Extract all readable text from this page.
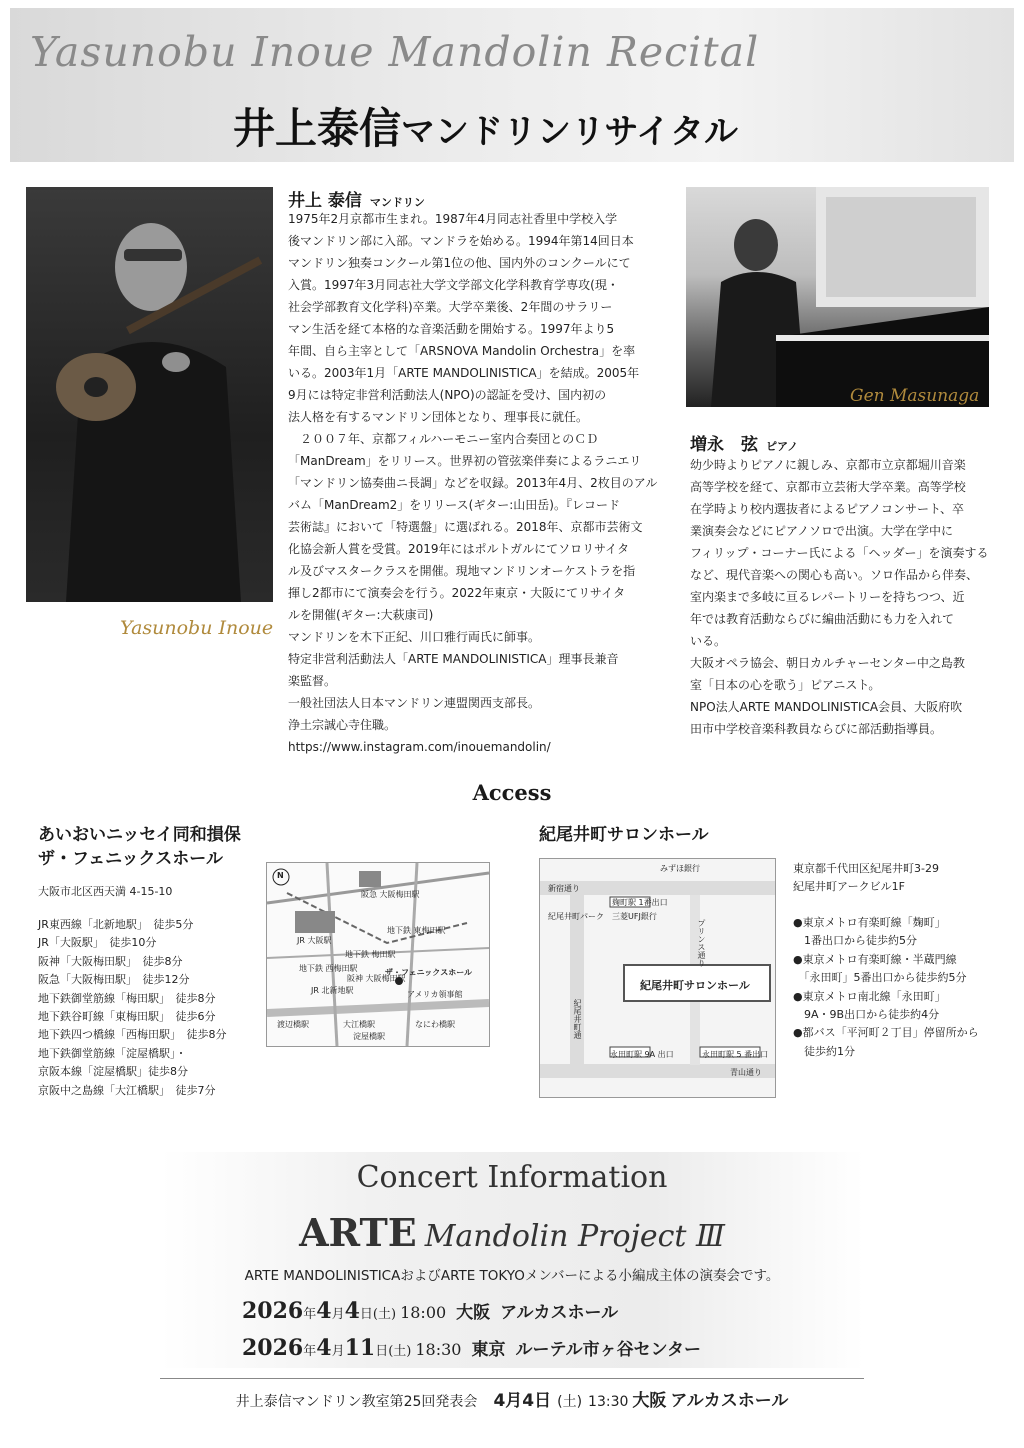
Yasunobu Inoue Mandolin Recital
井上泰信マンドリンリサイタル
Yasunobu Inoue
井上 泰信 マンドリン

1975年2月京都市生まれ。1987年4月同志社香里中学校入学

後マンドリン部に入部。マンドラを始める。1994年第14回日本

マンドリン独奏コンクール第1位の他、国内外のコンクールにて

入賞。1997年3月同志社大学文学部文化学科教育学専攻(現・

社会学部教育文化学科)卒業。大学卒業後、2年間のサラリー

マン生活を経て本格的な音楽活動を開始する。1997年より5

年間、自ら主宰として「ARSNOVA Mandolin Orchestra」を率

いる。2003年1月「ARTE MANDOLINISTICA」を結成。2005年

9月には特定非営利活動法人(NPO)の認証を受け、国内初の

法人格を有するマンドリン団体となり、理事長に就任。

　２００７年、京都フィルハーモニー室内合奏団とのＣＤ

「ManDream」をリリース。世界初の管弦楽伴奏によるラニエリ

「マンドリン協奏曲ニ長調」などを収録。2013年4月、2枚目のアル

バム「ManDream2」をリリース(ギター:山田岳)。『レコード

芸術誌』において「特選盤」に選ばれる。2018年、京都市芸術文

化協会新人賞を受賞。2019年にはポルトガルにてソロリサイタ

ル及びマスタークラスを開催。現地マンドリンオーケストラを指

揮し2都市にて演奏会を行う。2022年東京・大阪にてリサイタ

ルを開催(ギター:大萩康司)

マンドリンを木下正紀、川口雅行両氏に師事。

特定非営利活動法人「ARTE MANDOLINISTICA」理事長兼音

楽監督。

一般社団法人日本マンドリン連盟関西支部長。

浄土宗誠心寺住職。

https://www.instagram.com/inouemandolin/

Gen Masunaga
増永　弦 ピアノ

幼少時よりピアノに親しみ、京都市立京都堀川音楽

高等学校を経て、京都市立芸術大学卒業。高等学校

在学時より校内選抜者によるピアノコンサート、卒

業演奏会などにピアノソロで出演。大学在学中に

フィリップ・コーナー氏による「ヘッダー」を演奏する

など、現代音楽への関心も高い。ソロ作品から伴奏、

室内楽まで多岐に亘るレパートリーを持ちつつ、近

年では教育活動ならびに編曲活動にも力を入れて

いる。

大阪オペラ協会、朝日カルチャーセンター中之島教

室「日本の心を歌う」ピアニスト。

NPO法人ARTE MANDOLINISTICA会員、大阪府吹

田市中学校音楽科教員ならびに部活動指導員。

Access
あいおいニッセイ同和損保
ザ・フェニックスホール
大阪市北区西天満 4-15-10
JR東西線「北新地駅」　徒歩5分
JR「大阪駅」　徒歩10分
阪神「大阪梅田駅」　徒歩8分
阪急「大阪梅田駅」　徒歩12分
地下鉄御堂筋線「梅田駅」　徒歩8分
地下鉄谷町線「東梅田駅」　徒歩6分
地下鉄四つ橋線「西梅田駅」　徒歩8分
地下鉄御堂筋線「淀屋橋駅」・
京阪本線「淀屋橋駅」徒歩8分
京阪中之島線「大江橋駅」　徒歩7分
N
阪急 大阪梅田駅
JR 大阪駅
地下鉄 東梅田駅
地下鉄 西梅田駅
地下鉄 梅田駅
阪神 大阪梅田駅
JR 北新地駅
ザ・フェニックスホール
アメリカ領事館
渡辺橋駅	大江橋駅
淀屋橋駅
なにわ橋駅
紀尾井町サロンホール
みずほ銀行
新宿通り
麹町駅 1番出口
三菱UFJ銀行
紀尾井町パーク
プリンス通り
紀尾井町サロンホール
永田町駅 9A 出口	永田町駅 5 番出口
青山通り
紀尾井町通
東京都千代田区紀尾井町3-29
紀尾井町アークビル1F
●東京メトロ有楽町線「麹町」
　1番出口から徒歩約5分
●東京メトロ有楽町線・半蔵門線
　「永田町」5番出口から徒歩約5分
●東京メトロ南北線「永田町」
　9A・9B出口から徒歩約4分
●都バス「平河町２丁目」停留所から
　徒歩約1分
Concert Information
ARTE Mandolin Project Ⅲ
ARTE MANDOLINISTICAおよびARTE TOKYOメンバーによる小編成主体の演奏会です。
2026年4月4日(土) 18:00 大阪 アルカスホール
2026年4月11日(土) 18:30 東京 ルーテル市ヶ谷センター
井上泰信マンドリン教室第25回発表会 4月4日 (土) 13:30 大阪 アルカスホール
